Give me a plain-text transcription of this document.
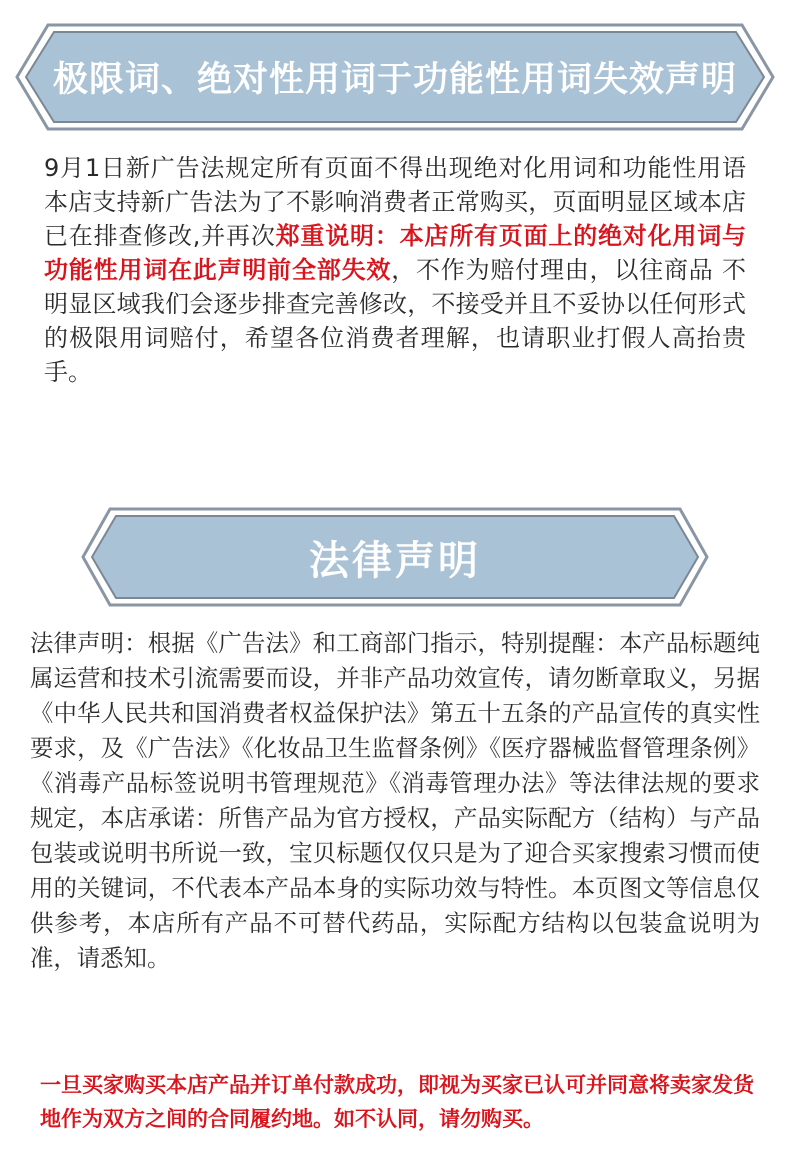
极限词、绝对性用词于功能性用词失效声明

9月1日新广告法规定所有页面不得出现绝对化用词和功能性用语本店支持新广告法为了不影响消费者正常购买，页面明显区域本店已在排查修改,并再次郑重说明：本店所有页面上的绝对化用词与功能性用词在此声明前全部失效，不作为赔付理由，以往商品 不明显区域我们会逐步排查完善修改，不接受并且不妥协以任何形式的极限用词赔付，希望各位消费者理解，也请职业打假人高抬贵手。

法律声明

法律声明：根据《广告法》和工商部门指示，特别提醒：本产品标题纯属运营和技术引流需要而设，并非产品功效宣传，请勿断章取义，另据《中华人民共和国消费者权益保护法》第五十五条的产品宣传的真实性要求，及《广告法》《化妆品卫生监督条例》《医疗器械监督管理条例》《消毒产品标签说明书管理规范》《消毒管理办法》等法律法规的要求规定，本店承诺：所售产品为官方授权，产品实际配方（结构）与产品包装或说明书所说一致，宝贝标题仅仅只是为了迎合买家搜索习惯而使用的关键词，不代表本产品本身的实际功效与特性。本页图文等信息仅供参考，本店所有产品不可替代药品，实际配方结构以包装盒说明为准，请悉知。

一旦买家购买本店产品并订单付款成功，即视为买家已认可并同意将卖家发货地作为双方之间的合同履约地。如不认同，请勿购买。
